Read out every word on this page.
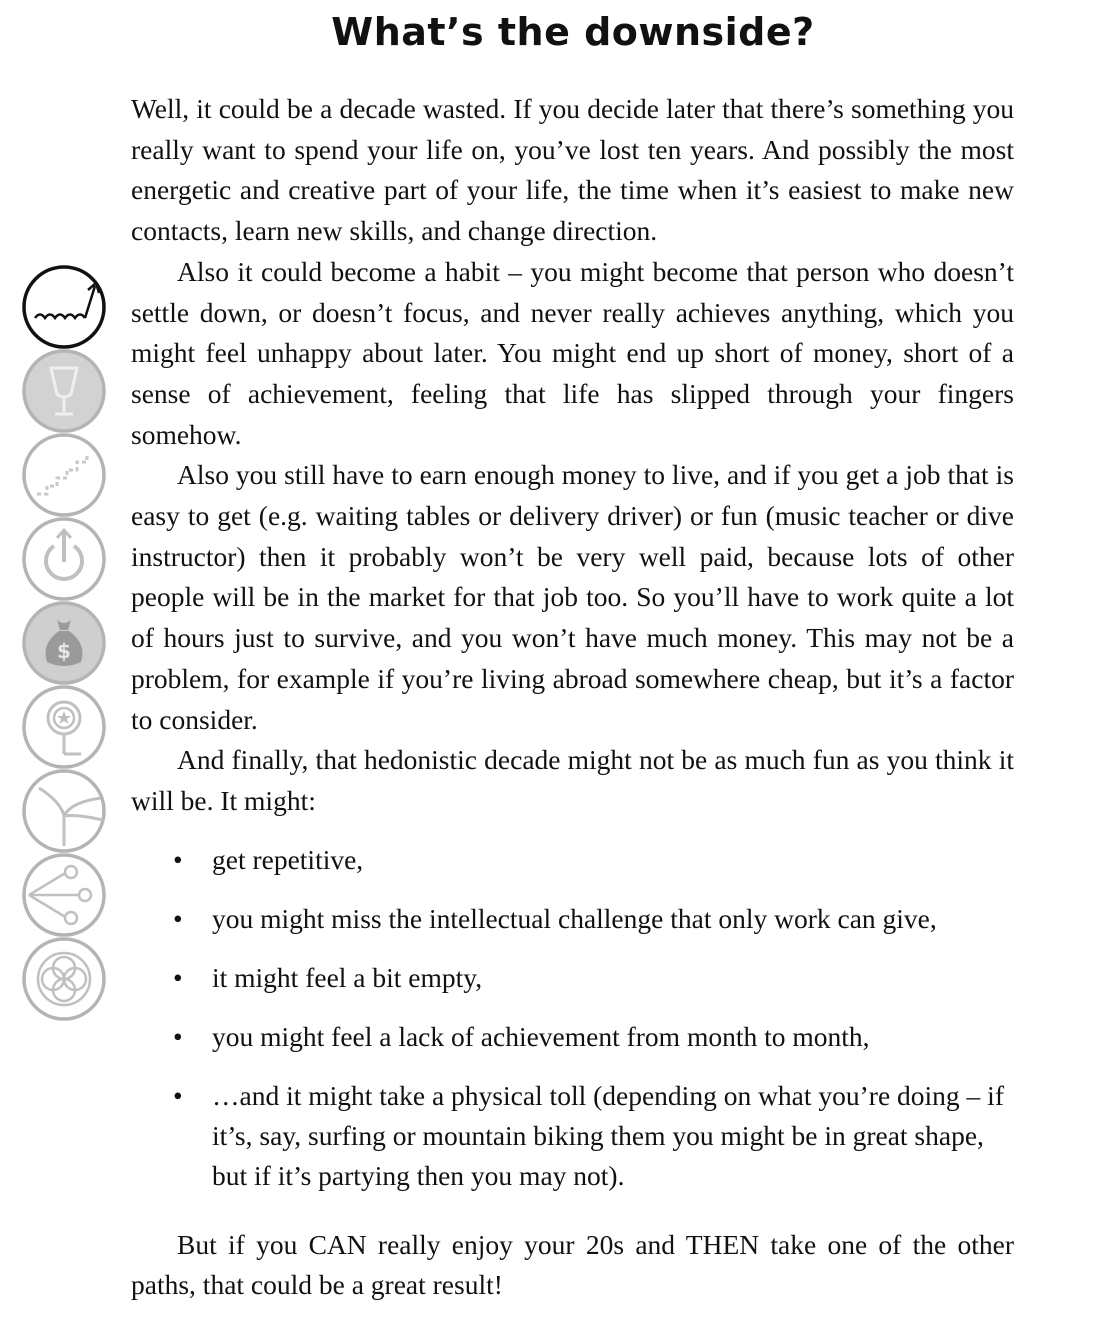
What’s the downside?
$

Well, it could be a decade wasted. If you decide later that there’s something you really want to spend your life on, you’ve lost ten years. And possibly the most energetic and creative part of your life, the time when it’s easiest to make new contacts, learn new skills, and change direction.

Also it could become a habit – you might become that person who doesn’t settle down, or doesn’t focus, and never really achieves anything, which you might feel unhappy about later. You might end up short of money, short of a sense of achievement, feeling that life has slipped through your fingers somehow.

Also you still have to earn enough money to live, and if you get a job that is easy to get (e.g. waiting tables or delivery driver) or fun (music teacher or dive instructor) then it probably won’t be very well paid, because lots of other people will be in the market for that job too. So you’ll have to work quite a lot of hours just to survive, and you won’t have much money. This may not be a problem, for example if you’re living abroad somewhere cheap, but it’s a factor to consider.

And finally, that hedonistic decade might not be as much fun as you think it will be. It might:

• get repetitive,
• you might miss the intellectual challenge that only work can give,
• it might feel a bit empty,
• you might feel a lack of achievement from month to month,
• …and it might take a physical toll (depending on what you’re doing – if it’s, say, surfing or mountain biking them you might be in great shape, but if it’s partying then you may not).

But if you CAN really enjoy your 20s and THEN take one of the other paths, that could be a great result!
